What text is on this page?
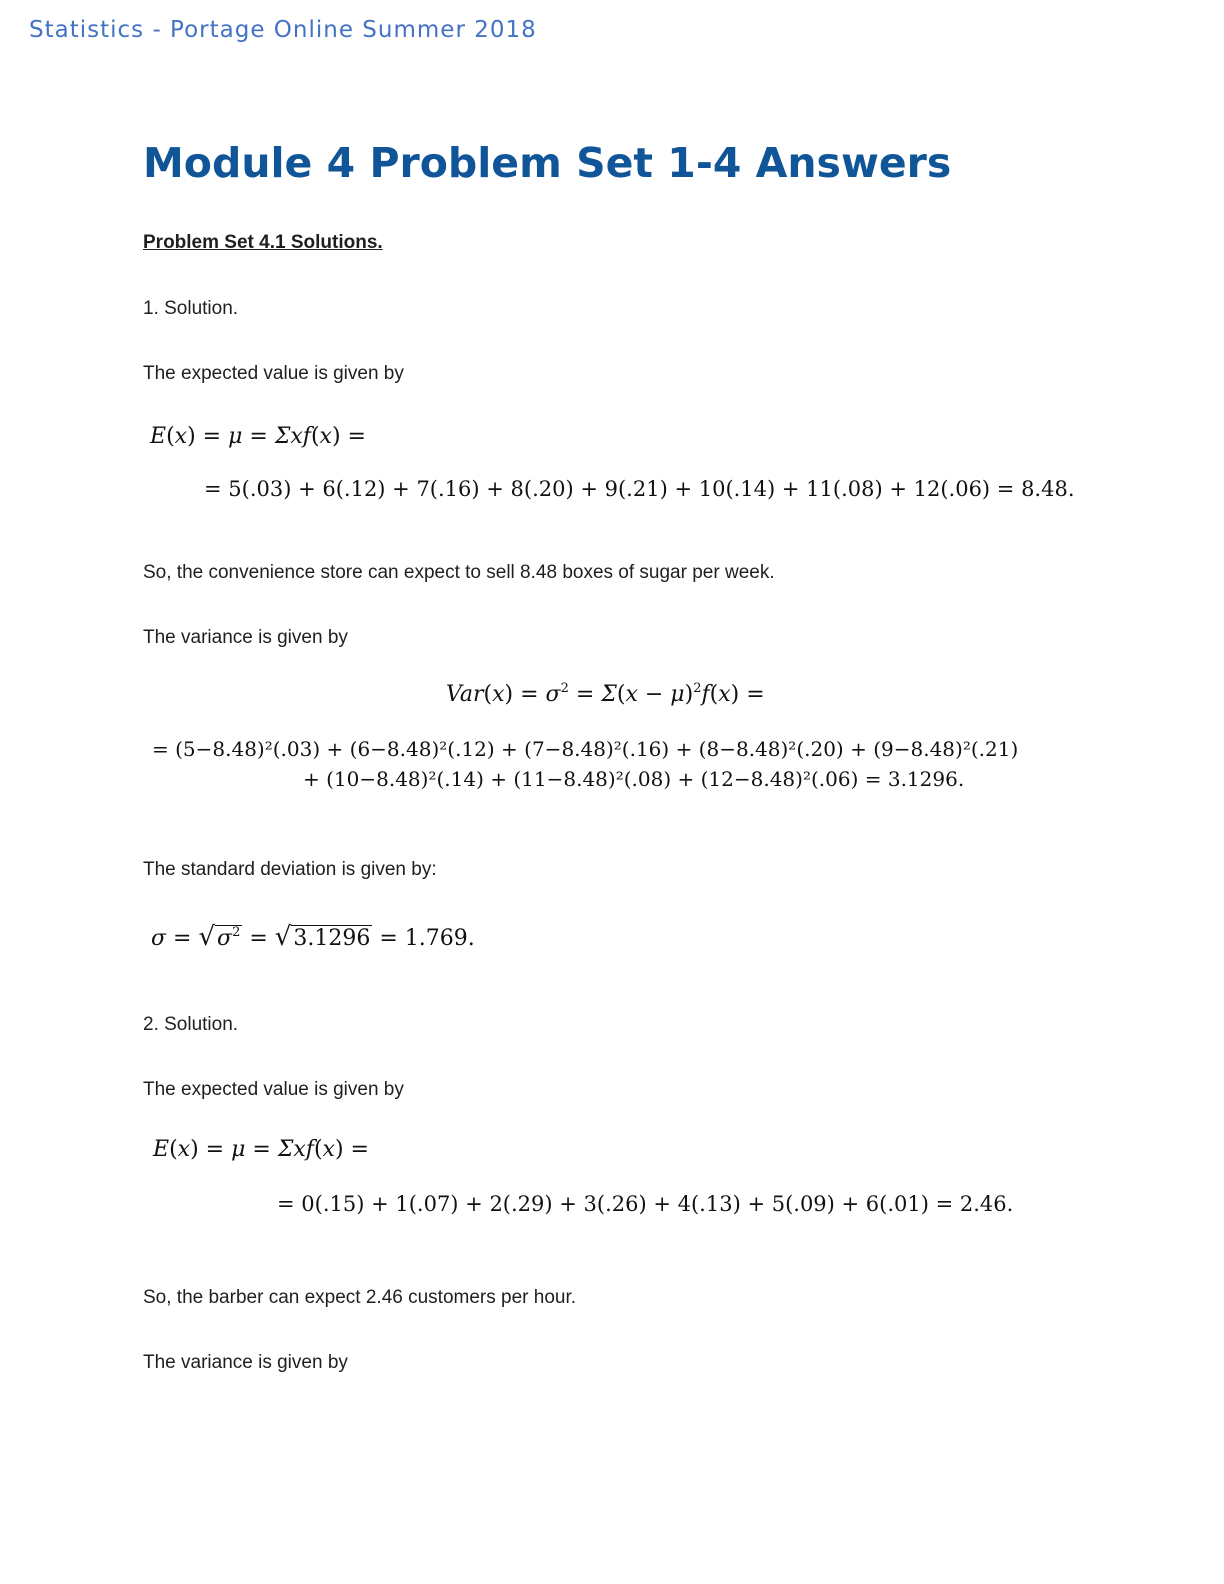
Statistics - Portage Online Summer 2018
Module 4 Problem Set 1-4 Answers
Problem Set 4.1 Solutions.
1. Solution.
The expected value is given by
E(x) = μ = Σxf(x) =
= 5(.03) + 6(.12) + 7(.16) + 8(.20) + 9(.21) + 10(.14) + 11(.08) + 12(.06) = 8.48.
So, the convenience store can expect to sell 8.48 boxes of sugar per week.
The variance is given by
$Var(x) = \sigma^2 = \Sigma(x - \mu)^2f(x)$ =
= (5−8.48)²(.03) + (6−8.48)²(.12) + (7−8.48)²(.16) + (8−8.48)²(.20) + (9−8.48)²(.21)
+ (10−8.48)²(.14) + (11−8.48)²(.08) + (12−8.48)²(.06) = 3.1296.
The standard deviation is given by:
$\sigma = √\sigma^2 = √3.1296 = 1.769$.
2. Solution.
The expected value is given by
E(x) = μ = Σxf(x) =
= 0(.15) + 1(.07) + 2(.29) + 3(.26) + 4(.13) + 5(.09) + 6(.01) = 2.46.
So, the barber can expect 2.46 customers per hour.
The variance is given by
